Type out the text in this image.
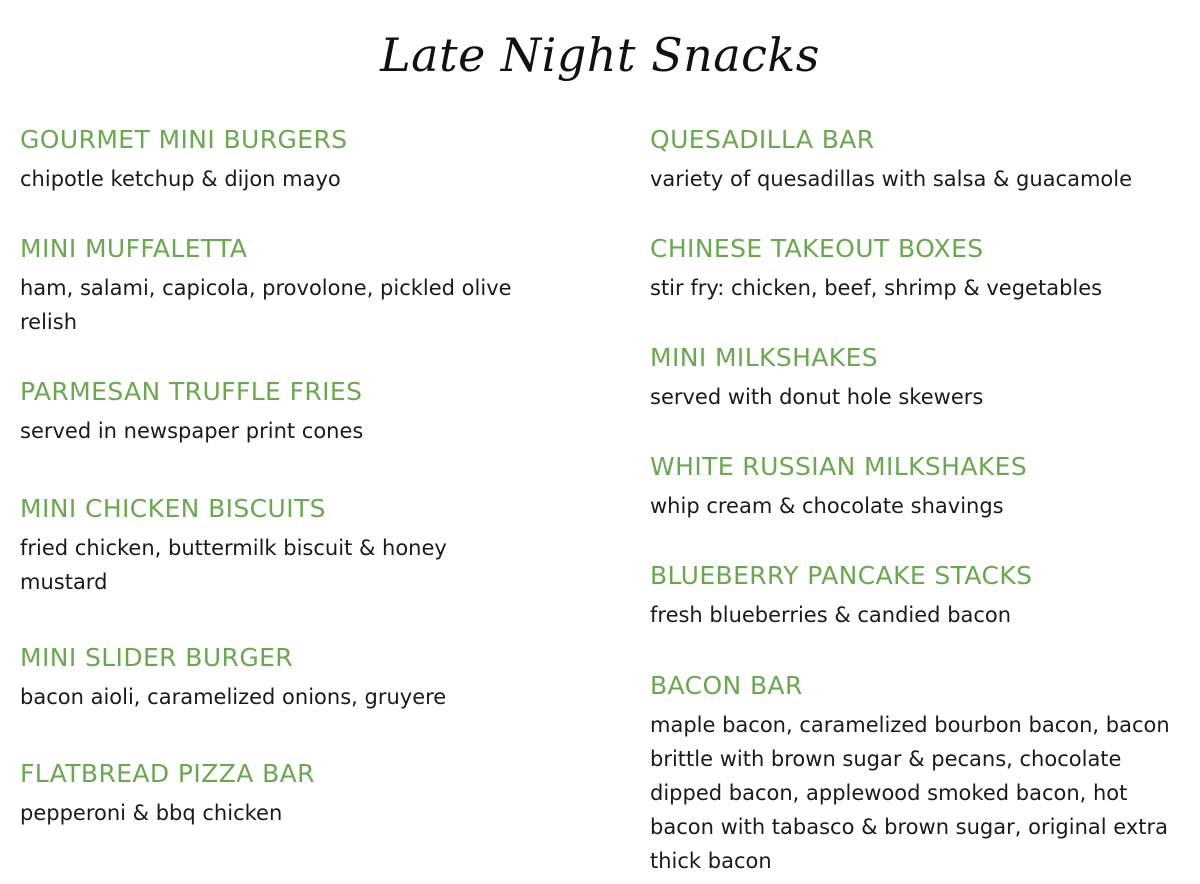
Late Night Snacks

GOURMET MINI BURGERS

chipotle ketchup & dijon mayo

MINI MUFFALETTA

ham, salami, capicola, provolone, pickled olive relish

PARMESAN TRUFFLE FRIES

served in newspaper print cones

MINI CHICKEN BISCUITS

fried chicken, buttermilk biscuit & honey mustard

MINI SLIDER BURGER

bacon aioli, caramelized onions, gruyere

FLATBREAD PIZZA BAR

pepperoni & bbq chicken

QUESADILLA BAR

variety of quesadillas with salsa & guacamole

CHINESE TAKEOUT BOXES

stir fry: chicken, beef, shrimp & vegetables

MINI MILKSHAKES

served with donut hole skewers

WHITE RUSSIAN MILKSHAKES

whip cream & chocolate shavings

BLUEBERRY PANCAKE STACKS

fresh blueberries & candied bacon

BACON BAR

maple bacon, caramelized bourbon bacon, bacon brittle with brown sugar & pecans, chocolate dipped bacon, applewood smoked bacon, hot bacon with tabasco & brown sugar, original extra thick bacon
